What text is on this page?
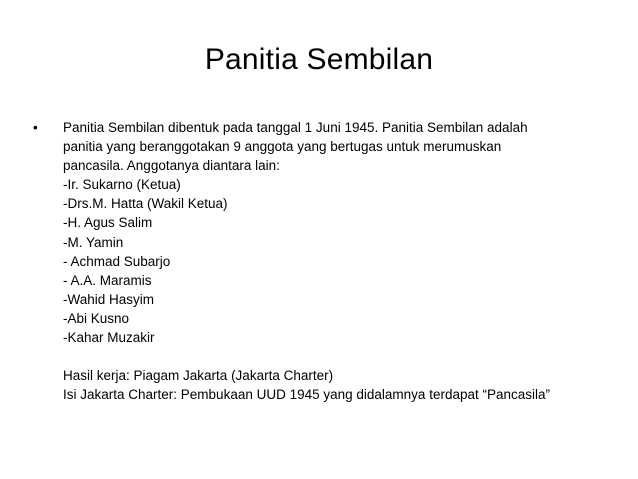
Panitia Sembilan
• Panitia Sembilan dibentuk pada tanggal 1 Juni 1945. Panitia Sembilan adalah
panitia yang beranggotakan 9 anggota yang bertugas untuk merumuskan
pancasila. Anggotanya diantara lain:
-Ir. Sukarno (Ketua)
-Drs.M. Hatta (Wakil Ketua)
-H. Agus Salim
-M. Yamin
- Achmad Subarjo
- A.A. Maramis
-Wahid Hasyim
-Abi Kusno
-Kahar Muzakir
Hasil kerja: Piagam Jakarta (Jakarta Charter)
Isi Jakarta Charter: Pembukaan UUD 1945 yang didalamnya terdapat “Pancasila”
